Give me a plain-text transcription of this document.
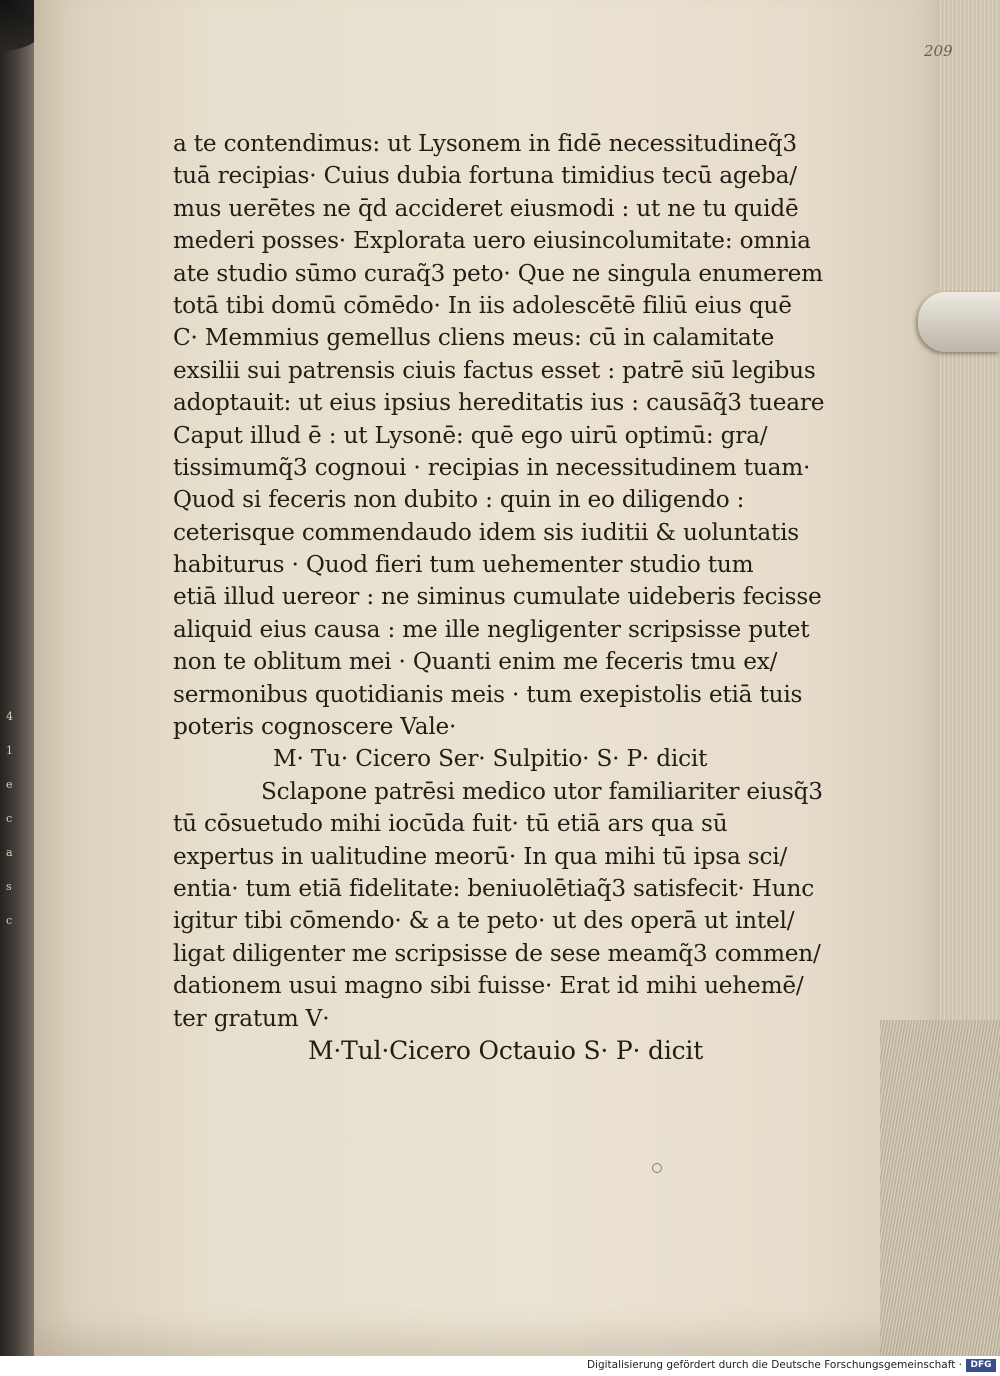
4
1
e
c
a
s
c
209
a te contendimus: ut Lysonem in fidē necessitudineq̃3
tuā recipias· Cuius dubia fortuna timidius tecū ageba/
mus uerētes ne q̄d accideret eiusmodi : ut ne tu quidē
mederi posses· Explorata uero eiusincolumitate: omnia
ate studio sūmo curaq̃3 peto· Que ne singula enumerem
totā tibi domū cōmēdo· In iis adolescētē filiū eius quē
C· Memmius gemellus cliens meus: cū in calamitate
exsilii sui patrensis ciuis factus esset : patrē siū legibus
adoptauit: ut eius ipsius hereditatis ius : causāq̃3 tueare
Caput illud ē : ut Lysonē: quē ego uirū optimū: gra/
tissimumq̃3 cognoui · recipias in necessitudinem tuam·
Quod si feceris non dubito : quin in eo diligendo :
ceterisque commendaudo idem sis iuditii & uoluntatis
habiturus · Quod fieri tum uehementer studio tum
etiā illud uereor : ne siminus cumulate uideberis fecisse
aliquid eius causa : me ille negligenter scripsisse putet
non te oblitum mei · Quanti enim me feceris tmu ex/
sermonibus quotidianis meis · tum exepistolis etiā tuis
poteris cognoscere Vale·
M· Tu· Cicero Ser· Sulpitio· S· P· dicit
Sclapone patrēsi medico utor familiariter eiusq̃3
tū cōsuetudo mihi iocūda fuit· tū etiā ars qua sū
expertus in ualitudine meorū· In qua mihi tū ipsa sci/
entia· tum etiā fidelitate: beniuolētiaq̃3 satisfecit· Hunc
igitur tibi cōmendo· & a te peto· ut des operā ut intel/
ligat diligenter me scripsisse de sese meamq̃3 commen/
dationem usui magno sibi fuisse· Erat id mihi uehemē/
ter gratum V·
M·Tul·Cicero Octauio S· P· dicit
Digitalisierung gefördert durch die Deutsche Forschungsgemeinschaft · DFG
